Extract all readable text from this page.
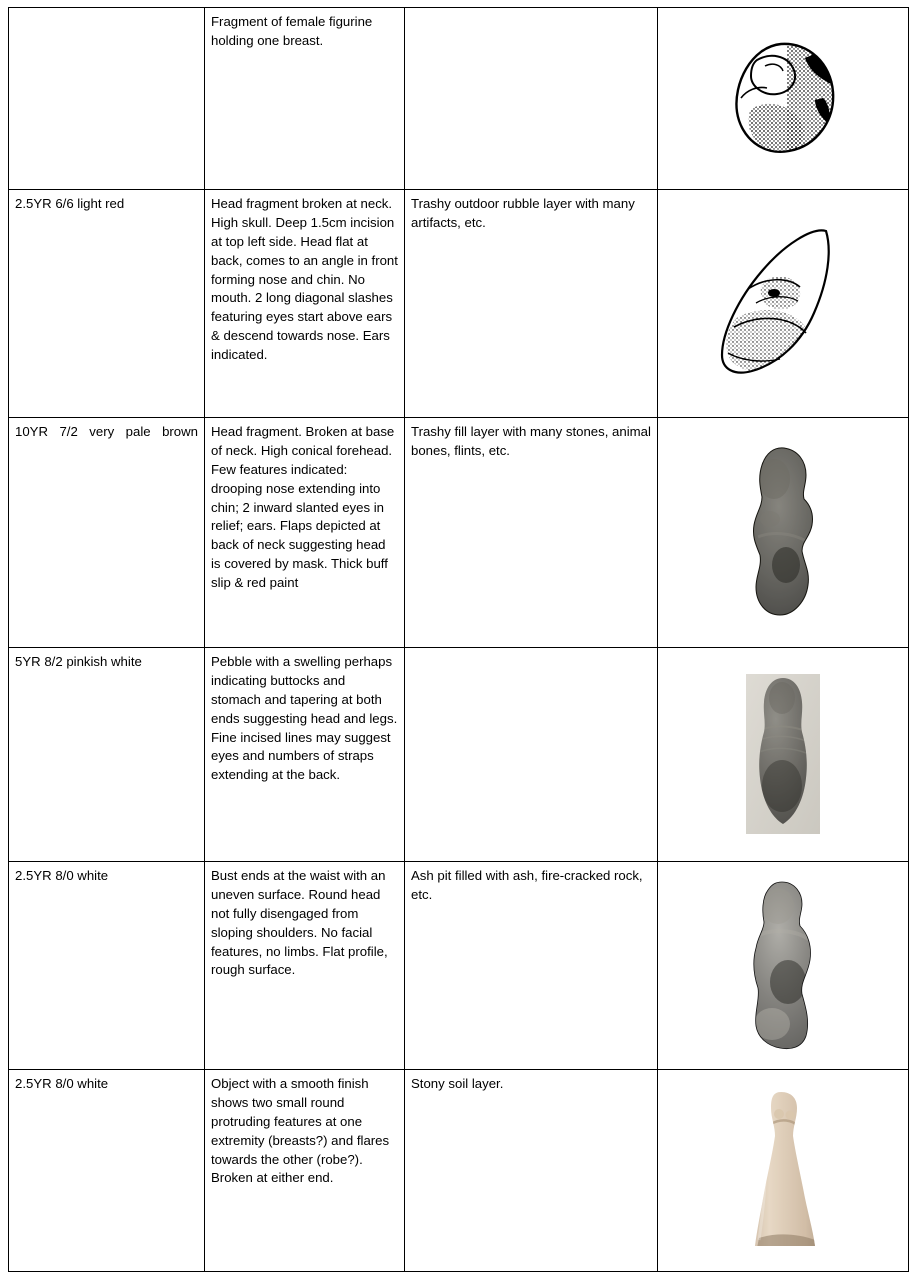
	Fragment of female figurine holding one breast.		

2.5YR 6/6 light red	Head fragment broken at neck. High skull. Deep 1.5cm incision at top left side. Head flat at back, comes to an angle in front forming nose and chin. No mouth. 2 long diagonal slashes featuring eyes start above ears & descend towards nose. Ears indicated.	Trashy outdoor rubble layer with many artifacts, etc.	

10YR 7/2 very pale brown	Head fragment. Broken at base of neck. High conical forehead. Few features indicated: drooping nose extending into chin; 2 inward slanted eyes in relief; ears. Flaps depicted at back of neck suggesting head is covered by mask. Thick buff slip & red paint	Trashy fill layer with many stones, animal bones, flints, etc.	

5YR 8/2 pinkish white	Pebble with a swelling perhaps indicating buttocks and stomach and tapering at both ends suggesting head and legs. Fine incised lines may suggest eyes and numbers of straps extending at the back.		

2.5YR 8/0 white	Bust ends at the waist with an uneven surface. Round head not fully disengaged from sloping shoulders. No facial features, no limbs. Flat profile, rough surface.	Ash pit filled with ash, fire-cracked rock, etc.	

2.5YR 8/0 white	Object with a smooth finish shows two small round protruding features at one extremity (breasts?) and flares towards the other (robe?). Broken at either end.	Stony soil layer.	
